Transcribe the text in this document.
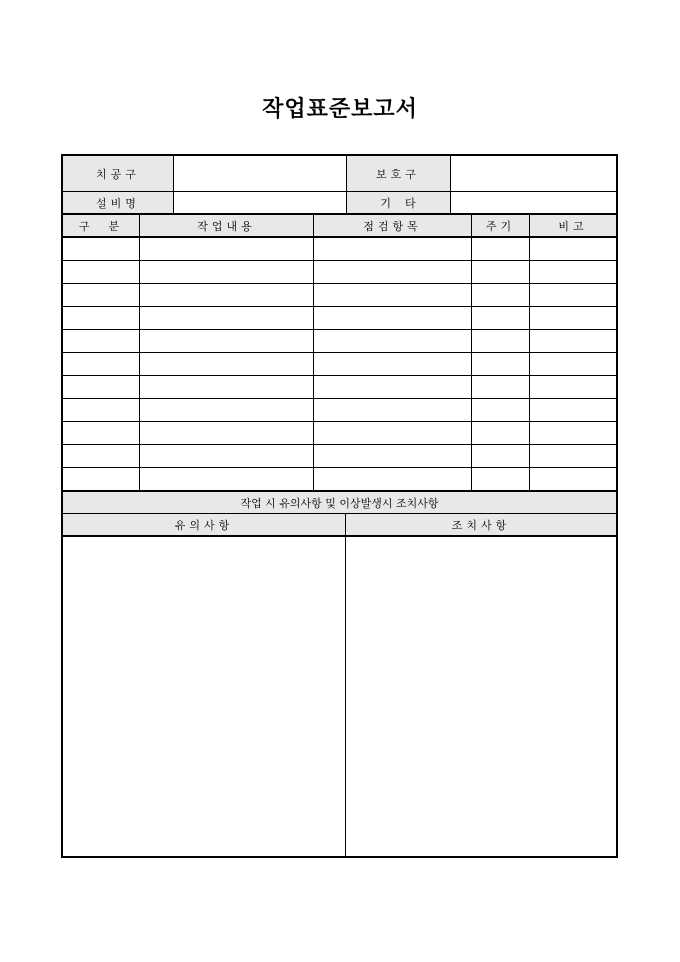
작업표준보고서
치공구	보호구
설비명	기    타
구  분	작업내용	점검항목	주기	비고
작업 시 유의사항 및 이상발생시 조치사항
유의사항	조치사항
